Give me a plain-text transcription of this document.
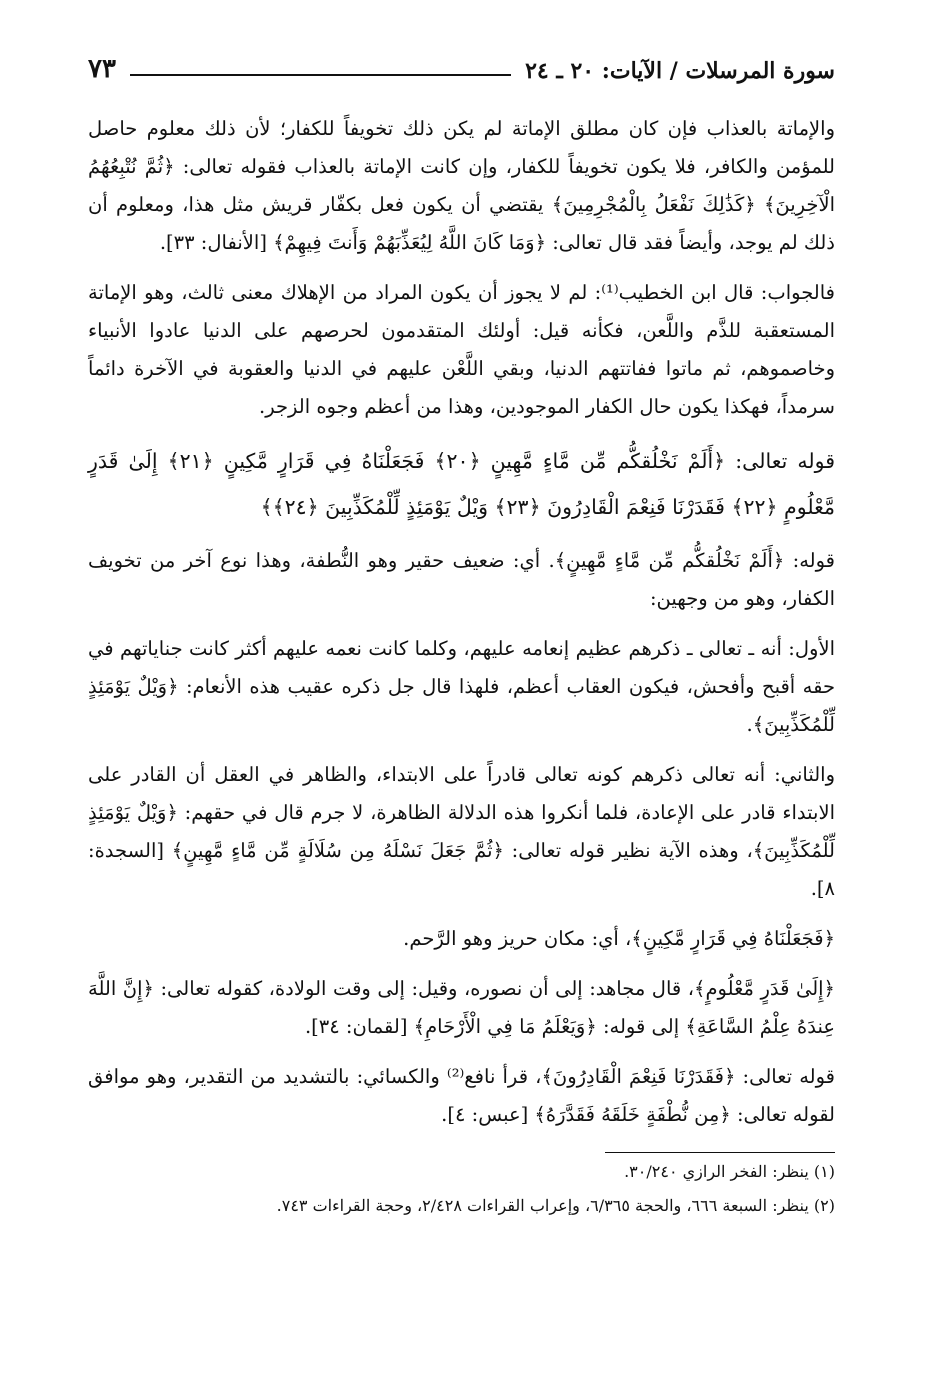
سورة المرسلات / الآيات: ٢٠ ـ ٢٤
٧٣

والإماتة بالعذاب فإن كان مطلق الإماتة لم يكن ذلك تخويفاً للكفار؛ لأن ذلك معلوم حاصل للمؤمن والكافر، فلا يكون تخويفاً للكفار، وإن كانت الإماتة بالعذاب فقوله تعالى: ﴿ثُمَّ نُتْبِعُهُمُ الْآخِرِينَ﴾ ﴿كَذَٰلِكَ نَفْعَلُ بِالْمُجْرِمِينَ﴾ يقتضي أن يكون فعل بكفّار قريش مثل هذا، ومعلوم أن ذلك لم يوجد، وأيضاً فقد قال تعالى: ﴿وَمَا كَانَ اللَّهُ لِيُعَذِّبَهُمْ وَأَنتَ فِيهِمْ﴾ [الأنفال: ٣٣].

فالجواب: قال ابن الخطيب⁽¹⁾: لم لا يجوز أن يكون المراد من الإهلاك معنى ثالث، وهو الإماتة المستعقبة للذَّم واللَّعن، فكأنه قيل: أولئك المتقدمون لحرصهم على الدنيا عادوا الأنبياء وخاصموهم، ثم ماتوا ففاتتهم الدنيا، وبقي اللَّعْن عليهم في الدنيا والعقوبة في الآخرة دائماً سرمداً، فهكذا يكون حال الكفار الموجودين، وهذا من أعظم وجوه الزجر.

قوله تعالى: ﴿أَلَمْ نَخْلُقكُّم مِّن مَّاءٍ مَّهِينٍ ﴿٢٠﴾ فَجَعَلْنَاهُ فِي قَرَارٍ مَّكِينٍ ﴿٢١﴾ إِلَىٰ قَدَرٍ مَّعْلُومٍ ﴿٢٢﴾ فَقَدَرْنَا فَنِعْمَ الْقَادِرُونَ ﴿٢٣﴾ وَيْلٌ يَوْمَئِذٍ لِّلْمُكَذِّبِينَ ﴿٢٤﴾﴾

قوله: ﴿أَلَمْ نَخْلُقكُّم مِّن مَّاءٍ مَّهِينٍ﴾. أي: ضعيف حقير وهو النُّطفة، وهذا نوع آخر من تخويف الكفار، وهو من وجهين:

الأول: أنه ـ تعالى ـ ذكرهم عظيم إنعامه عليهم، وكلما كانت نعمه عليهم أكثر كانت جناياتهم في حقه أقبح وأفحش، فيكون العقاب أعظم، فلهذا قال جل ذكره عقيب هذه الأنعام: ﴿وَيْلٌ يَوْمَئِذٍ لِّلْمُكَذِّبِينَ﴾.

والثاني: أنه تعالى ذكرهم كونه تعالى قادراً على الابتداء، والظاهر في العقل أن القادر على الابتداء قادر على الإعادة، فلما أنكروا هذه الدلالة الظاهرة، لا جرم قال في حقهم: ﴿وَيْلٌ يَوْمَئِذٍ لِّلْمُكَذِّبِينَ﴾، وهذه الآية نظير قوله تعالى: ﴿ثُمَّ جَعَلَ نَسْلَهُ مِن سُلَالَةٍ مِّن مَّاءٍ مَّهِينٍ﴾ [السجدة: ٨].

﴿فَجَعَلْنَاهُ فِي قَرَارٍ مَّكِينٍ﴾، أي: مكان حريز وهو الرَّحم.

﴿إِلَىٰ قَدَرٍ مَّعْلُومٍ﴾، قال مجاهد: إلى أن نصوره، وقيل: إلى وقت الولادة، كقوله تعالى: ﴿إِنَّ اللَّهَ عِندَهُ عِلْمُ السَّاعَةِ﴾ إلى قوله: ﴿وَيَعْلَمُ مَا فِي الْأَرْحَامِ﴾ [لقمان: ٣٤].

قوله تعالى: ﴿فَقَدَرْنَا فَنِعْمَ الْقَادِرُونَ﴾، قرأ نافع⁽²⁾ والكسائي: بالتشديد من التقدير، وهو موافق لقوله تعالى: ﴿مِن نُّطْفَةٍ خَلَقَهُ فَقَدَّرَهُ﴾ [عبس: ٤].

(١) ينظر: الفخر الرازي ٣٠/٢٤٠.
(٢) ينظر: السبعة ٦٦٦، والحجة ٦/٣٦٥، وإعراب القراءات ٢/٤٢٨، وحجة القراءات ٧٤٣.
